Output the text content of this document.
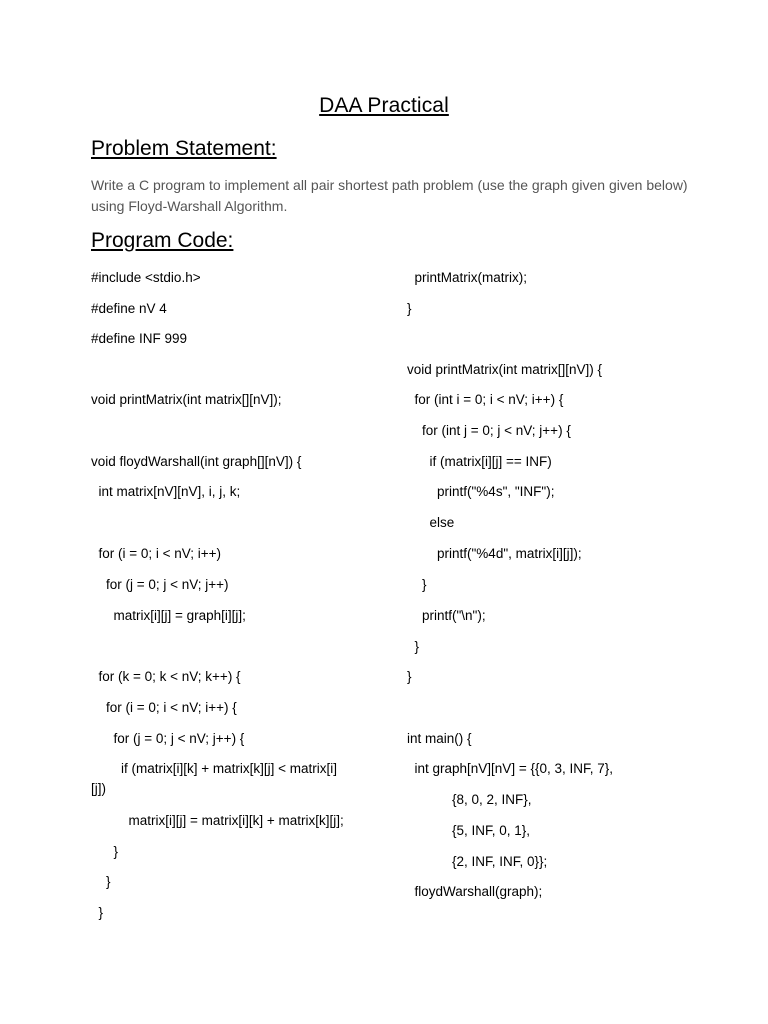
DAA Practical
Problem Statement:
Write a C program to implement all pair shortest path problem (use the graph given given below) using Floyd-Warshall Algorithm.
Program Code:
#include <stdio.h>
#define nV 4
#define INF 999
void printMatrix(int matrix[][nV]);
void floydWarshall(int graph[][nV]) {
int matrix[nV][nV], i, j, k;
for (i = 0; i < nV; i++)
for (j = 0; j < nV; j++)
matrix[i][j] = graph[i][j];
for (k = 0; k < nV; k++) {
for (i = 0; i < nV; i++) {
for (j = 0; j < nV; j++) {
if (matrix[i][k] + matrix[k][j] < matrix[i]
[j])
matrix[i][j] = matrix[i][k] + matrix[k][j];
}
}
}
printMatrix(matrix);
}
void printMatrix(int matrix[][nV]) {
for (int i = 0; i < nV; i++) {
for (int j = 0; j < nV; j++) {
if (matrix[i][j] == INF)
printf("%4s", "INF");
else
printf("%4d", matrix[i][j]);
}
printf("\n");
}
}
int main() {
int graph[nV][nV] = {{0, 3, INF, 7},
{8, 0, 2, INF},
{5, INF, 0, 1},
{2, INF, INF, 0}};
floydWarshall(graph);
